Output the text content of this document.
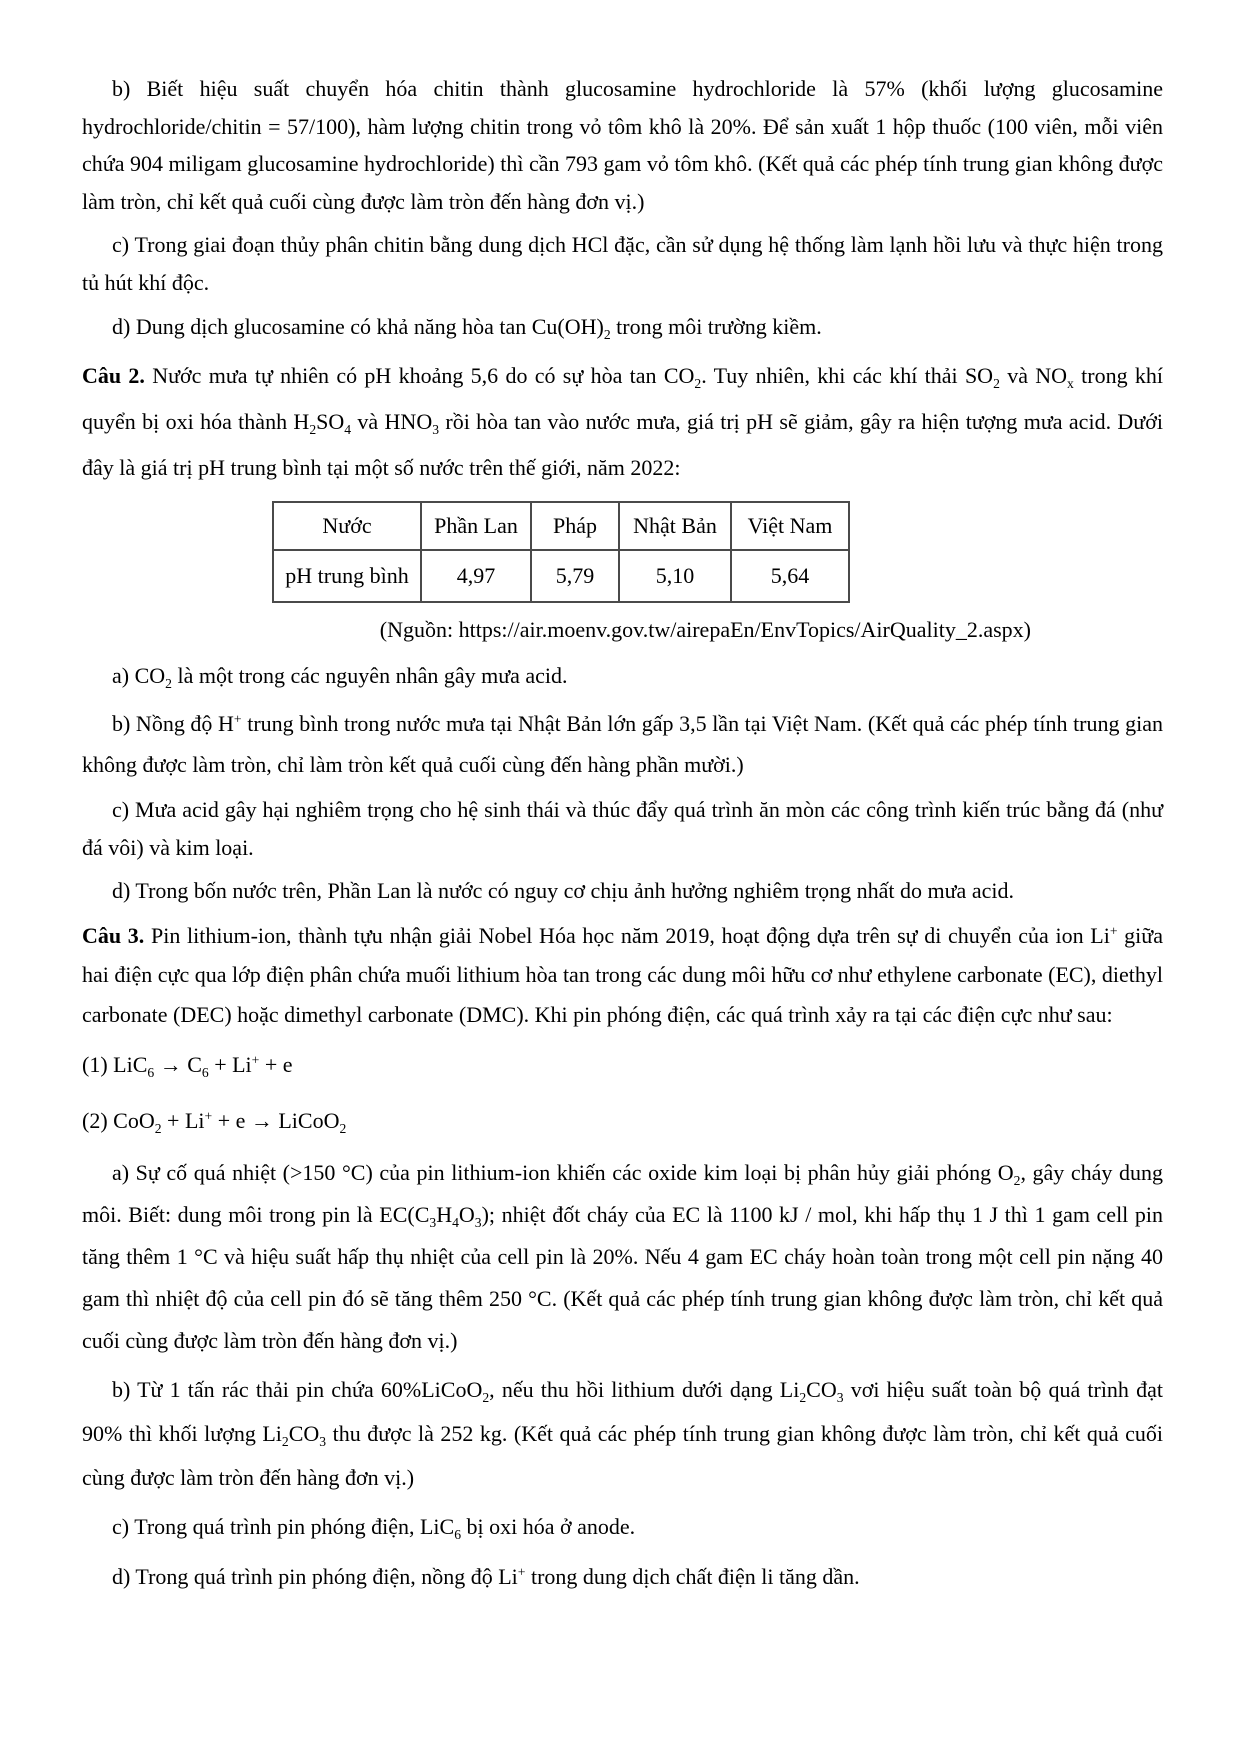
b) Biết hiệu suất chuyển hóa chitin thành glucosamine hydrochloride là 57% (khối lượng glucosamine hydrochloride/chitin = 57/100), hàm lượng chitin trong vỏ tôm khô là 20%. Để sản xuất 1 hộp thuốc (100 viên, mỗi viên chứa 904 miligam glucosamine hydrochloride) thì cần 793 gam vỏ tôm khô. (Kết quả các phép tính trung gian không được làm tròn, chỉ kết quả cuối cùng được làm tròn đến hàng đơn vị.)

c) Trong giai đoạn thủy phân chitin bằng dung dịch HCl đặc, cần sử dụng hệ thống làm lạnh hồi lưu và thực hiện trong tủ hút khí độc.

d) Dung dịch glucosamine có khả năng hòa $\tan Cu(OH)_2$ trong môi trường kiềm.

Câu 2. Nước mưa tự nhiên có pH khoảng 5,6 do có sự hòa $\tan CO_2$. Tuy nhiên, khi các khí thải $SO_2$ và $NO_x$ trong khí quyển bị oxi hóa thành $H_2SO_4$ và $HNO_3$ rồi hòa tan vào nước mưa, giá trị pH sẽ giảm, gây ra hiện tượng mưa acid. Dưới đây là giá trị pH trung bình tại một số nước trên thế giới, năm 2022:

Nước	Phần Lan	Pháp	Nhật Bản	Việt Nam
pH trung bình	4,97	5,79	5,10	5,64

(Nguồn: https://air.moenv.gov.tw/airepaEn/EnvTopics/AirQuality_2.aspx)

a) $CO_2$ là một trong các nguyên nhân gây mưa acid.

b) Nồng độ H+ trung bình trong nước mưa tại Nhật Bản lớn gấp 3,5 lần tại Việt Nam. (Kết quả các phép tính trung gian không được làm tròn, chỉ làm tròn kết quả cuối cùng đến hàng phần mười.)

c) Mưa acid gây hại nghiêm trọng cho hệ sinh thái và thúc đẩy quá trình ăn mòn các công trình kiến trúc bằng đá (như đá vôi) và kim loại.

d) Trong bốn nước trên, Phần Lan là nước có nguy cơ chịu ảnh hưởng nghiêm trọng nhất do mưa acid.

Câu 3. Pin lithium-ion, thành tựu nhận giải Nobel Hóa học năm 2019, hoạt động dựa trên sự di chuyển của ion Li+ giữa hai điện cực qua lớp điện phân chứa muối lithium hòa tan trong các dung môi hữu cơ như ethylene carbonate (EC), diethyl carbonate (DEC) hoặc dimethyl carbonate (DMC). Khi pin phóng điện, các quá trình xảy ra tại các điện cực như sau:

(1) $LiC_6 \to C_6 + Li^+ + e$

(2) CoO$_2$ + Li+ + e → LiCoO$_2$

a) Sự cố quá nhiệt (>150 °C) của pin lithium-ion khiến các oxide kim loại bị phân hủy giải phóng $O_2$, gây cháy dung môi. Biết: dung môi trong pin là $EC(C_3H_4O_3)$; nhiệt đốt cháy của EC là 1100 kJ / mol, khi hấp thụ 1 J thì 1 gam cell pin tăng thêm 1 °C và hiệu suất hấp thụ nhiệt của cell pin là 20%. Nếu 4 gam EC cháy hoàn toàn trong một cell pin nặng 40 gam thì nhiệt độ của cell pin đó sẽ tăng thêm 250 °C. (Kết quả các phép tính trung gian không được làm tròn, chỉ kết quả cuối cùng được làm tròn đến hàng đơn vị.)

b) Từ 1 tấn rác thải pin chứa 60%LiCoO$_2$, nếu thu hồi lithium dưới dạng $Li_2CO_3$ vơi hiệu suất toàn bộ quá trình đạt 90% thì khối lượng $Li_2CO_3$ thu được là 252 kg. (Kết quả các phép tính trung gian không được làm tròn, chỉ kết quả cuối cùng được làm tròn đến hàng đơn vị.)

c) Trong quá trình pin phóng điện, LiC$_6$ bị oxi hóa ở anode.

d) Trong quá trình pin phóng điện, nồng độ Li+ trong dung dịch chất điện li tăng dần.
